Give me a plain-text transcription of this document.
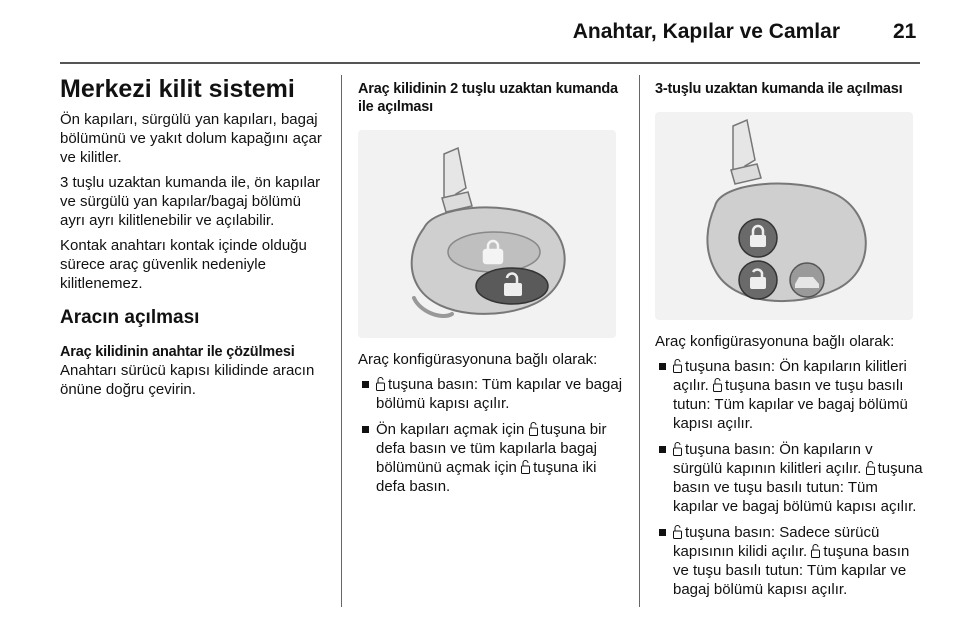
Anahtar, Kapılar ve Camlar	21
Merkezi kilit sistemi

Ön kapıları, sürgülü yan kapıları, bagaj bölümünü ve yakıt dolum kapağını açar ve kilitler.

3 tuşlu uzaktan kumanda ile, ön kapılar ve sürgülü yan kapılar/bagaj bölümü ayrı ayrı kilitlenebilir ve açılabilir.

Kontak anahtarı kontak içinde olduğu sürece araç güvenlik nedeniyle kilitlenemez.

Aracın açılması
Araç kilidinin anahtar ile çözülmesi

Anahtarı sürücü kapısı kilidinde aracın önüne doğru çevirin.

Araç kilidinin 2 tuşlu uzaktan kumanda ile açılması

Araç konfigürasyonuna bağlı olarak:

tuşuna basın: Tüm kapılar ve bagaj bölümü kapısı açılır.
Ön kapıları açmak için tuşuna bir defa basın ve tüm kapılarla bagaj bölümünü açmak için tuşuna iki defa basın.
3-tuşlu uzaktan kumanda ile açılması

Araç konfigürasyonuna bağlı olarak:

tuşuna basın: Ön kapıların kilitleri açılır. tuşuna basın ve tuşu basılı tutun: Tüm kapılar ve bagaj bölümü kapısı açılır.
tuşuna basın: Ön kapıların v sürgülü kapının kilitleri açılır. tuşuna basın ve tuşu basılı tutun: Tüm kapılar ve bagaj bölümü kapısı açılır.
tuşuna basın: Sadece sürücü kapısının kilidi açılır. tuşuna basın ve tuşu basılı tutun: Tüm kapılar ve bagaj bölümü kapısı açılır.
